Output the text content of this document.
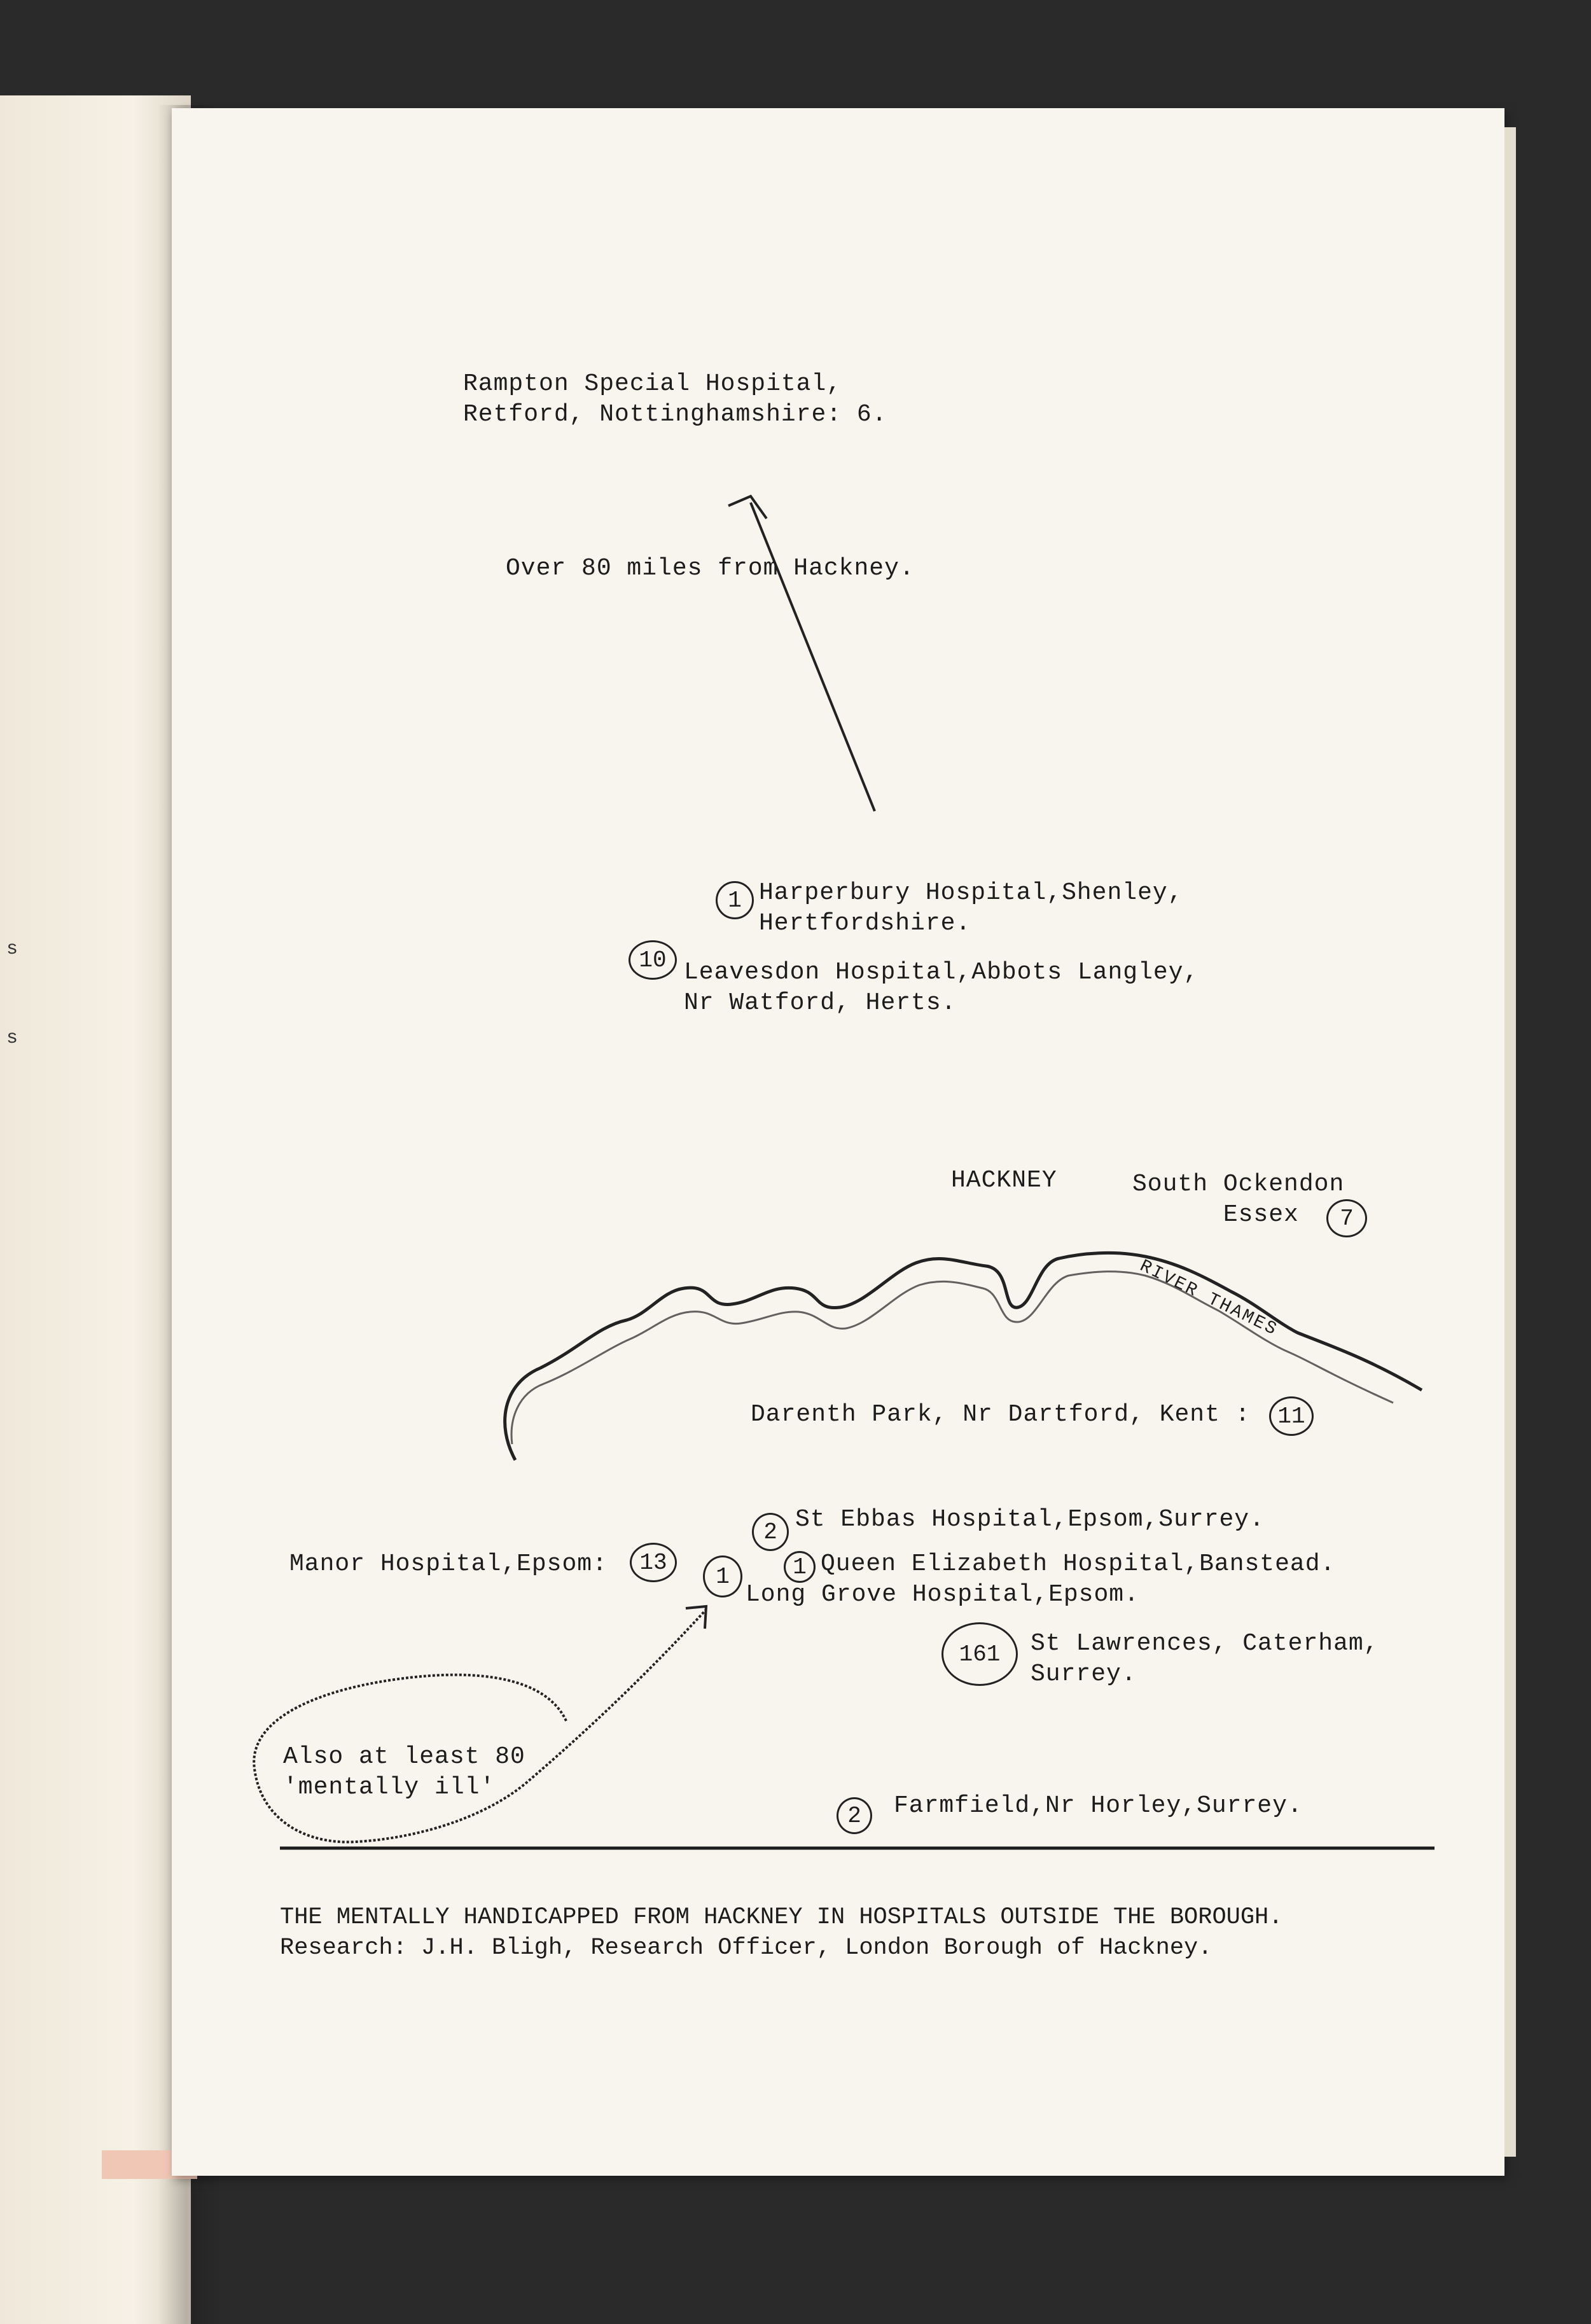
s
s
RIVER THAMES
Rampton Special Hospital,
Retford, Nottinghamshire: 6.
Over 80 miles from Hackney.
1 Harperbury Hospital,Shenley,
Hertfordshire.
10 Leavesdon Hospital,Abbots Langley,
Nr Watford, Herts.
HACKNEY	South Ockendon
Essex	7
Darenth Park, Nr Dartford, Kent :	11
2 St Ebbas Hospital,Epsom,Surrey.
Manor Hospital,Epsom:	13	1 Queen Elizabeth Hospital,Banstead.
1
Long Grove Hospital,Epsom.
161	St Lawrences, Caterham,
Surrey.
Also at least 80
'mentally ill'
2	Farmfield,Nr Horley,Surrey.
THE MENTALLY HANDICAPPED FROM HACKNEY IN HOSPITALS OUTSIDE THE BOROUGH.
Research: J.H. Bligh, Research Officer, London Borough of Hackney.
